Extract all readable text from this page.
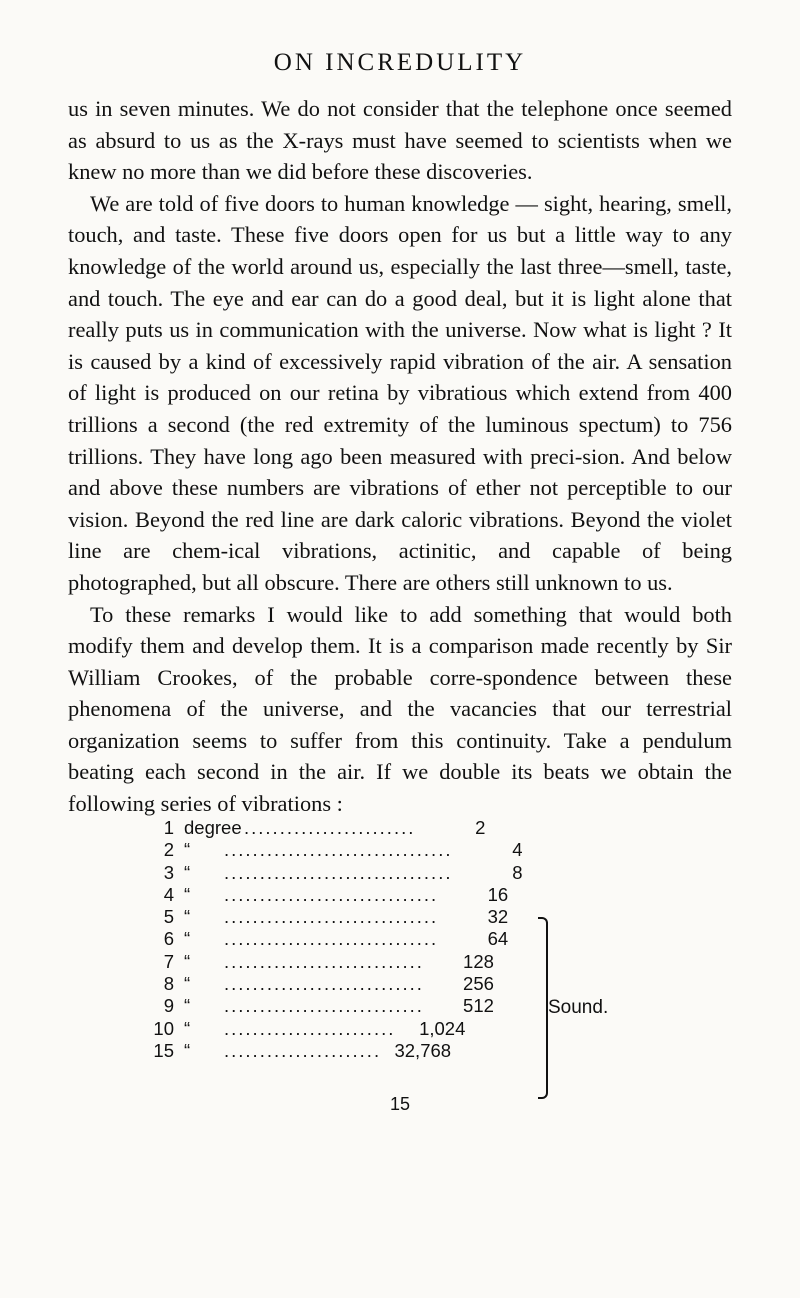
ON INCREDULITY

us in seven minutes. We do not consider that the telephone once seemed as absurd to us as the X-rays must have seemed to scientists when we knew no more than we did before these discoveries.

We are told of five doors to human knowledge — sight, hearing, smell, touch, and taste. These five doors open for us but a little way to any knowledge of the world around us, especially the last three—smell, taste, and touch. The eye and ear can do a good deal, but it is light alone that really puts us in communication with the universe. Now what is light ? It is caused by a kind of excessively rapid vibration of the air. A sensation of light is produced on our retina by vibratious which extend from 400 trillions a second (the red extremity of the luminous spectum) to 756 trillions. They have long ago been measured with preci-sion. And below and above these numbers are vibrations of ether not perceptible to our vision. Beyond the red line are dark caloric vibrations. Beyond the violet line are chem-ical vibrations, actinitic, and capable of being photographed, but all obscure. There are others still unknown to us.

To these remarks I would like to add something that would both modify them and develop them. It is a comparison made recently by Sir William Crookes, of the probable corre-spondence between these phenomena of the universe, and the vacancies that our terrestrial organization seems to suffer from this continuity. Take a pendulum beating each second in the air. If we double its beats we obtain the following series of vibrations :

1 degree ........................	2
2 “	................................	4
3 “	................................	8
4 “	..............................	16
5 “	..............................	32
6 “	..............................	64
7 “	............................	128
8 “	............................	256
9 “	............................	512
10 “	........................	1,024
15 “	...................... 32,768
Sound.
15
